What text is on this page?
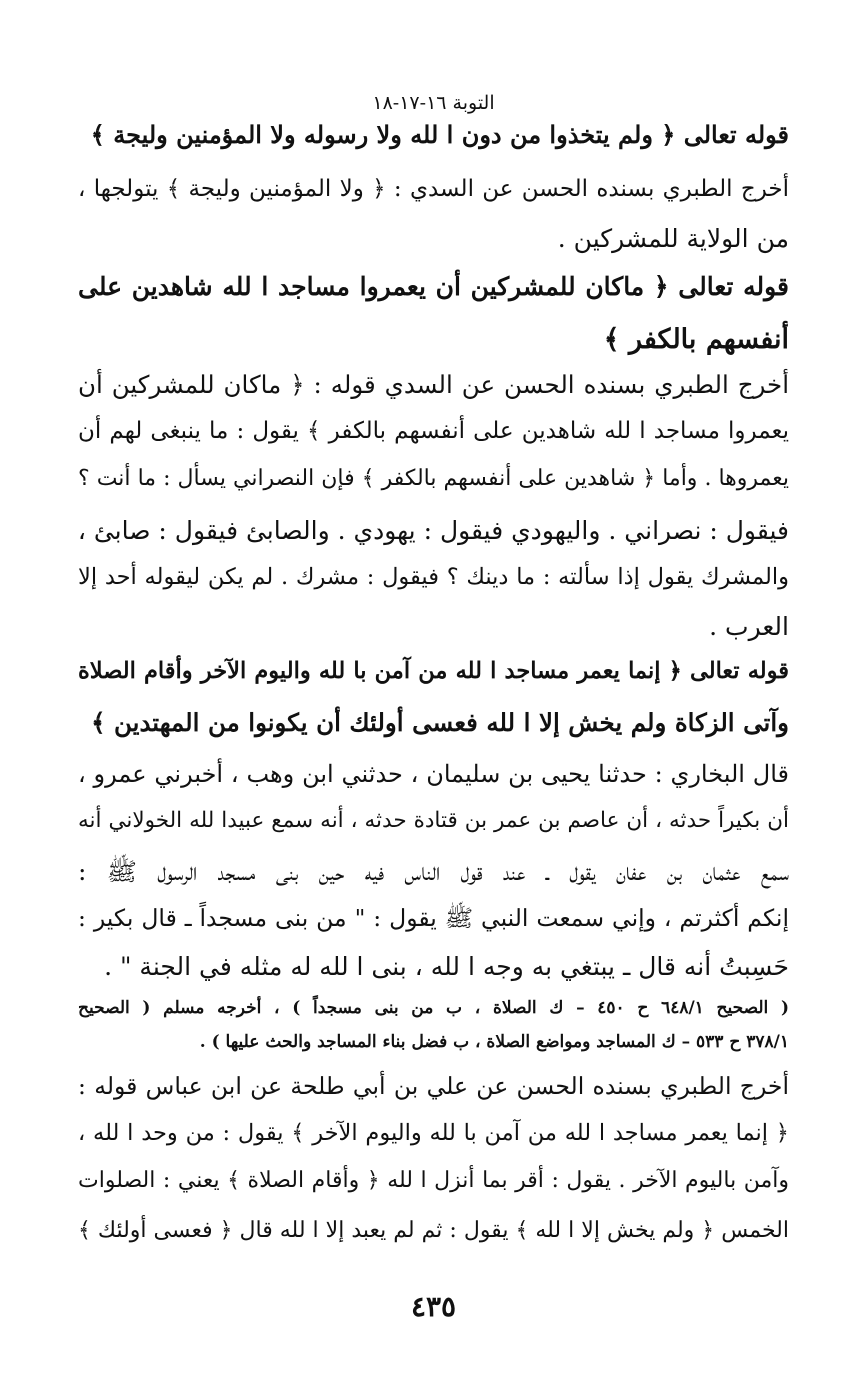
التوبة ١٦-١٧-١٨
قوله تعالى ﴿ ولم يتخذوا من دون ا لله ولا رسوله ولا المؤمنين وليجة ﴾
أخرج الطبري بسنده الحسن عن السدي : ﴿ ولا المؤمنين وليجة ﴾ يتولجها ،
من الولاية للمشركين .
قوله تعالى ﴿ ماكان للمشركين أن يعمروا مساجد ا لله شاهدين على
أنفسهم بالكفر ﴾
أخرج الطبري بسنده الحسن عن السدي قوله : ﴿ ماكان للمشركين أن
يعمروا مساجد ا لله شاهدين على أنفسهم بالكفر ﴾ يقول : ما ينبغى لهم أن
يعمروها . وأما ﴿ شاهدين على أنفسهم بالكفر ﴾ فإن النصراني يسأل : ما أنت ؟
فيقول : نصراني . واليهودي فيقول : يهودي . والصابئ فيقول : صابئ ،
والمشرك يقول إذا سألته : ما دينك ؟ فيقول : مشرك . لم يكن ليقوله أحد إلا
العرب .
قوله تعالى ﴿ إنما يعمر مساجد ا لله من آمن با لله واليوم الآخر وأقام الصلاة
وآتى الزكاة ولم يخش إلا ا لله فعسى أولئك أن يكونوا من المهتدين ﴾
قال البخاري : حدثنا يحيى بن سليمان ، حدثني ابن وهب ، أخبرني عمرو ،
أن بكيراً حدثه ، أن عاصم بن عمر بن قتادة حدثه ، أنه سمع عبيدا لله الخولاني أنه
سمع عثمان بن عفان يقول ـ عند قول الناس فيه حين بنى مسجد الرسول ﷺ :
إنكم أكثرتم ، وإني سمعت النبي ﷺ يقول : " من بنى مسجداً ـ قال بكير :
حَسِبتُ أنه قال ـ يبتغي به وجه ا لله ، بنى ا لله له مثله في الجنة " .
( الصحيح ٦٤٨/١ ح ٤٥٠ – ك الصلاة ، ب من بنى مسجداً ) ، أخرجه مسلم ( الصحيح
٣٧٨/١ ح ٥٣٣ – ك المساجد ومواضع الصلاة ، ب فضل بناء المساجد والحث عليها ) .
أخرج الطبري بسنده الحسن عن علي بن أبي طلحة عن ابن عباس قوله :
﴿ إنما يعمر مساجد ا لله من آمن با لله واليوم الآخر ﴾ يقول : من وحد ا لله ،
وآمن باليوم الآخر . يقول : أقر بما أنزل ا لله ﴿ وأقام الصلاة ﴾ يعني : الصلوات
الخمس ﴿ ولم يخش إلا ا لله ﴾ يقول : ثم لم يعبد إلا ا لله قال ﴿ فعسى أولئك ﴾
٤٣٥
